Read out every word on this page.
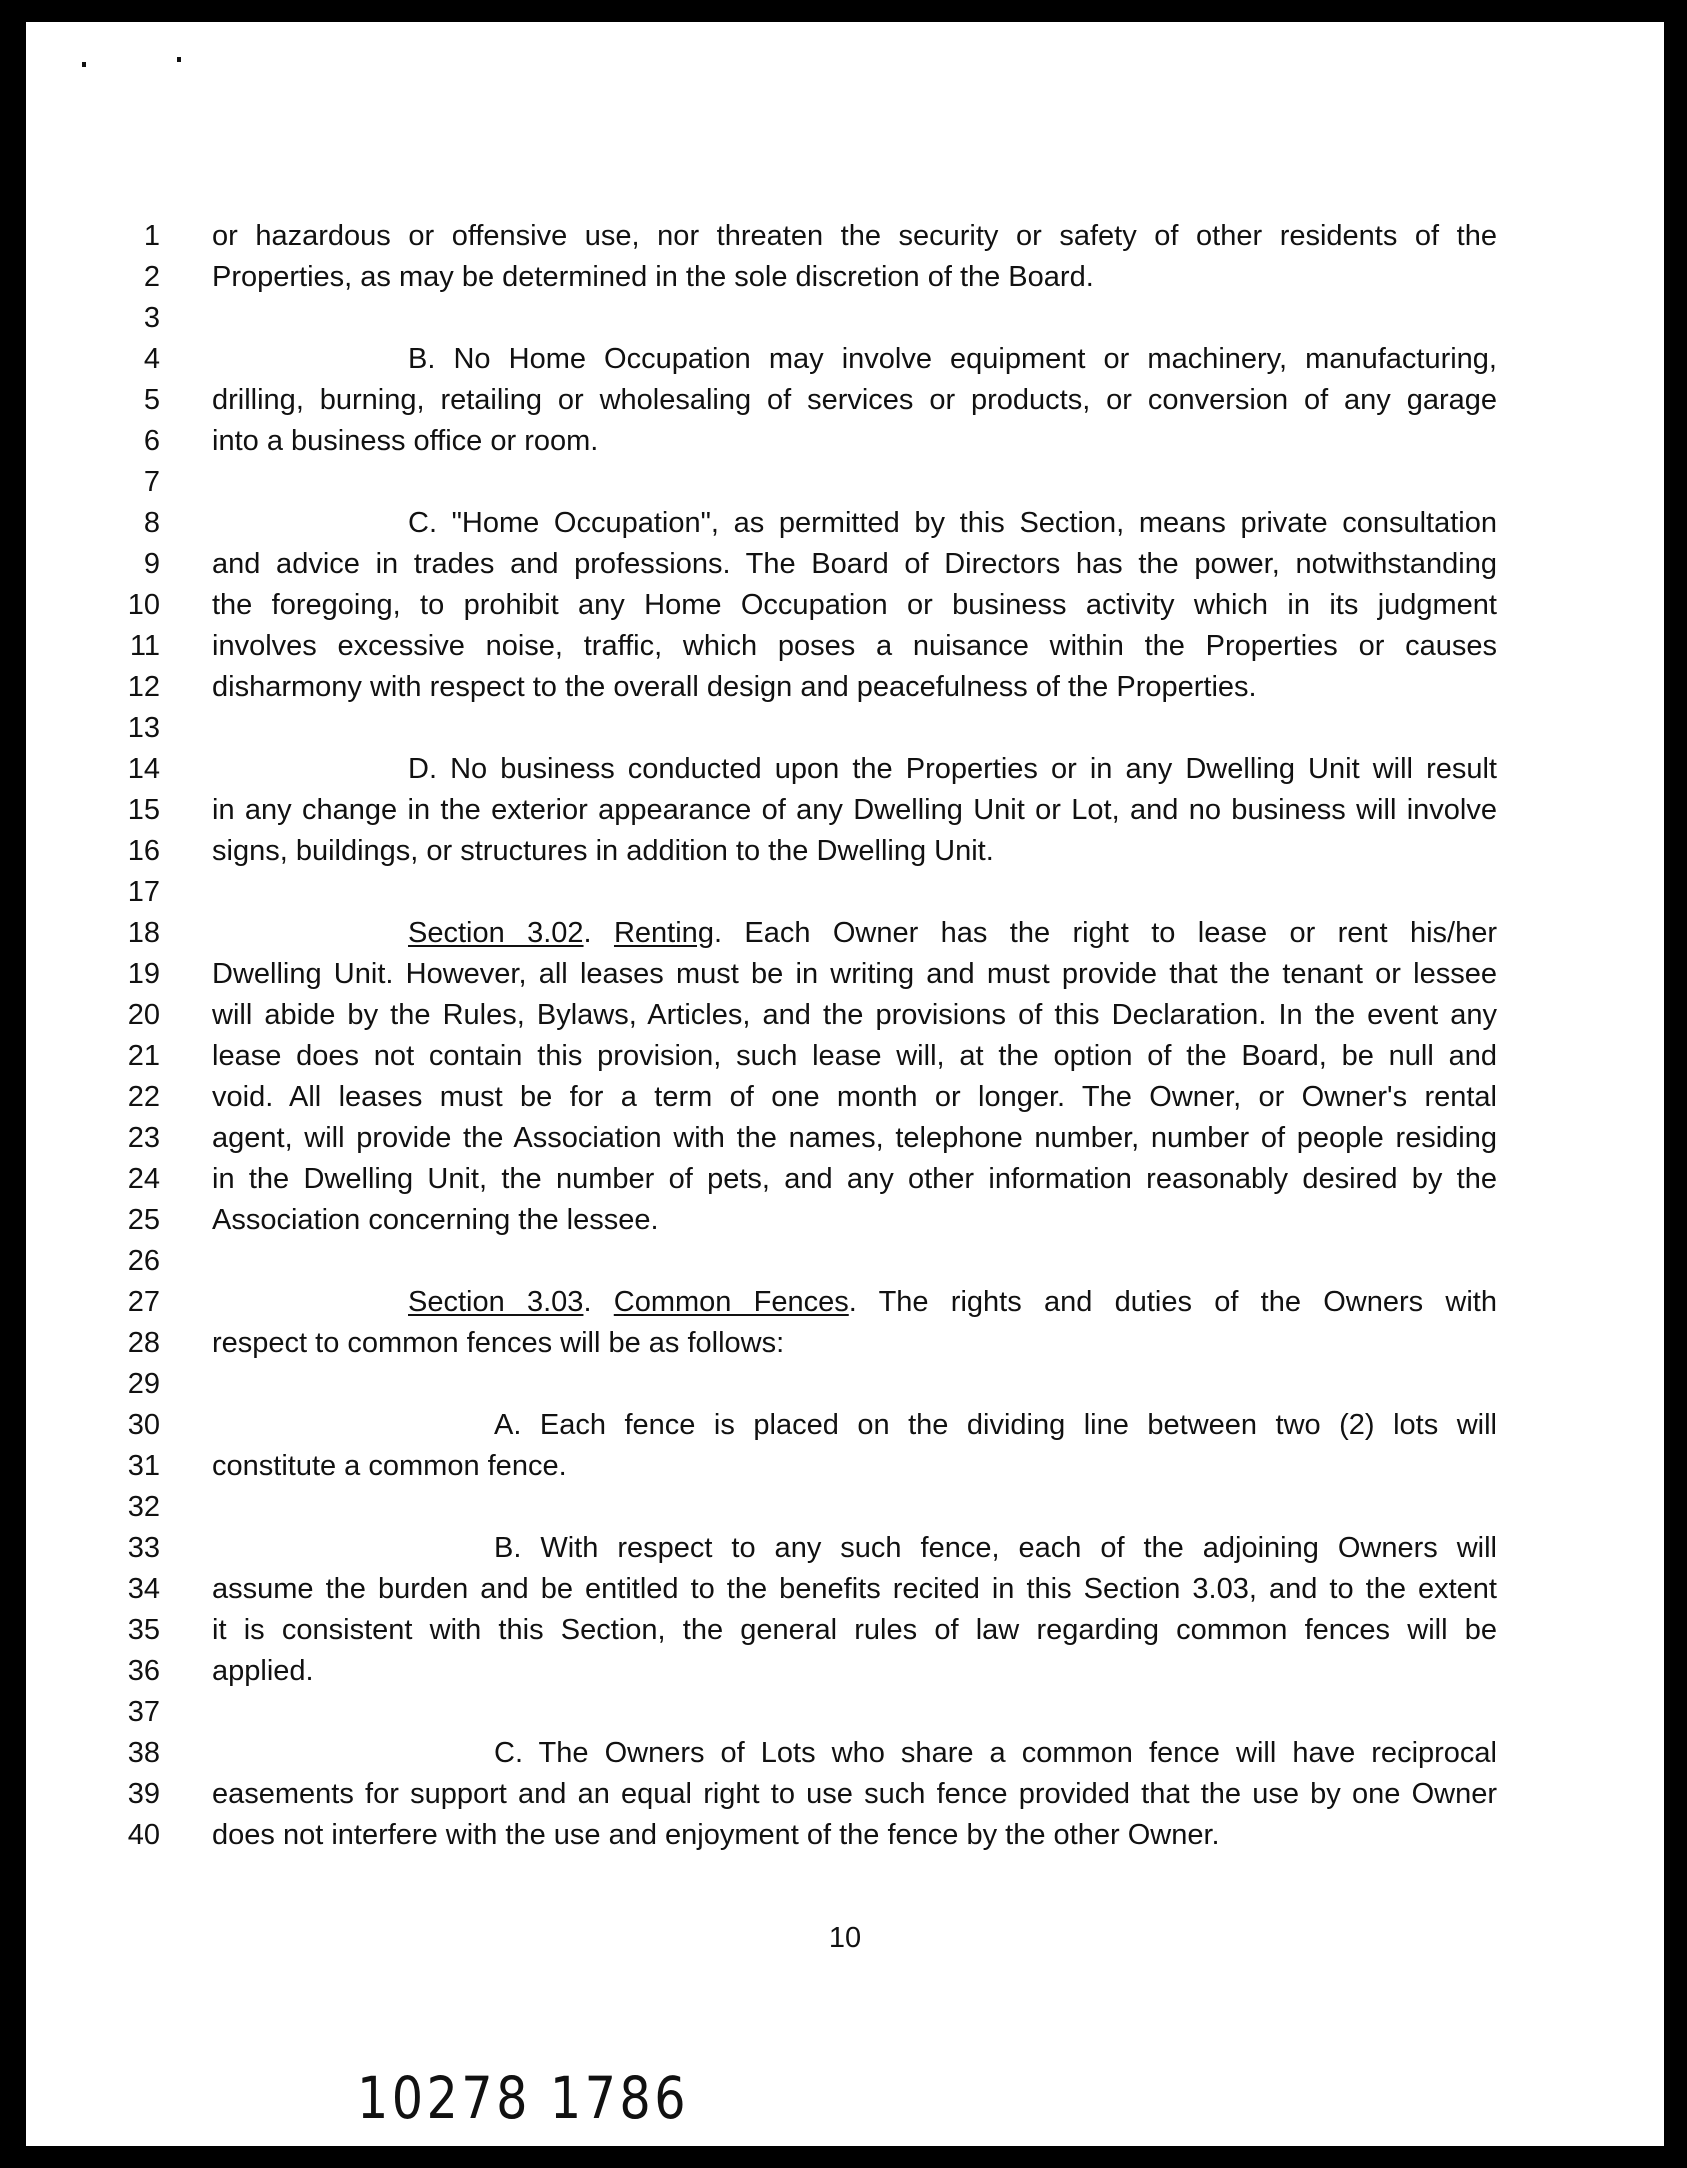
1 or hazardous or offensive use, nor threaten the security or safety of other residents of the
2 Properties, as may be determined in the sole discretion of the Board.
3
4	B. No Home Occupation may involve equipment or machinery, manufacturing,
5 drilling, burning, retailing or wholesaling of services or products, or conversion of any garage
6 into a business office or room.
7
8	C. "Home Occupation", as permitted by this Section, means private consultation
9 and advice in trades and professions. The Board of Directors has the power, notwithstanding
10 the foregoing, to prohibit any Home Occupation or business activity which in its judgment
11 involves excessive noise, traffic, which poses a nuisance within the Properties or causes
12 disharmony with respect to the overall design and peacefulness of the Properties.
13
14	D. No business conducted upon the Properties or in any Dwelling Unit will result
15 in any change in the exterior appearance of any Dwelling Unit or Lot, and no business will involve
16 signs, buildings, or structures in addition to the Dwelling Unit.
17
18	Section 3.02. Renting. Each Owner has the right to lease or rent his/her
19 Dwelling Unit. However, all leases must be in writing and must provide that the tenant or lessee
20 will abide by the Rules, Bylaws, Articles, and the provisions of this Declaration. In the event any
21 lease does not contain this provision, such lease will, at the option of the Board, be null and
22 void. All leases must be for a term of one month or longer. The Owner, or Owner's rental
23 agent, will provide the Association with the names, telephone number, number of people residing
24 in the Dwelling Unit, the number of pets, and any other information reasonably desired by the
25 Association concerning the lessee.
26
27	Section 3.03. Common Fences. The rights and duties of the Owners with
28 respect to common fences will be as follows:
29
30	A. Each fence is placed on the dividing line between two (2) lots will
31 constitute a common fence.
32
33	B. With respect to any such fence, each of the adjoining Owners will
34 assume the burden and be entitled to the benefits recited in this Section 3.03, and to the extent
35 it is consistent with this Section, the general rules of law regarding common fences will be
36 applied.
37
38	C. The Owners of Lots who share a common fence will have reciprocal
39 easements for support and an equal right to use such fence provided that the use by one Owner
40 does not interfere with the use and enjoyment of the fence by the other Owner.
10
10278 1786
